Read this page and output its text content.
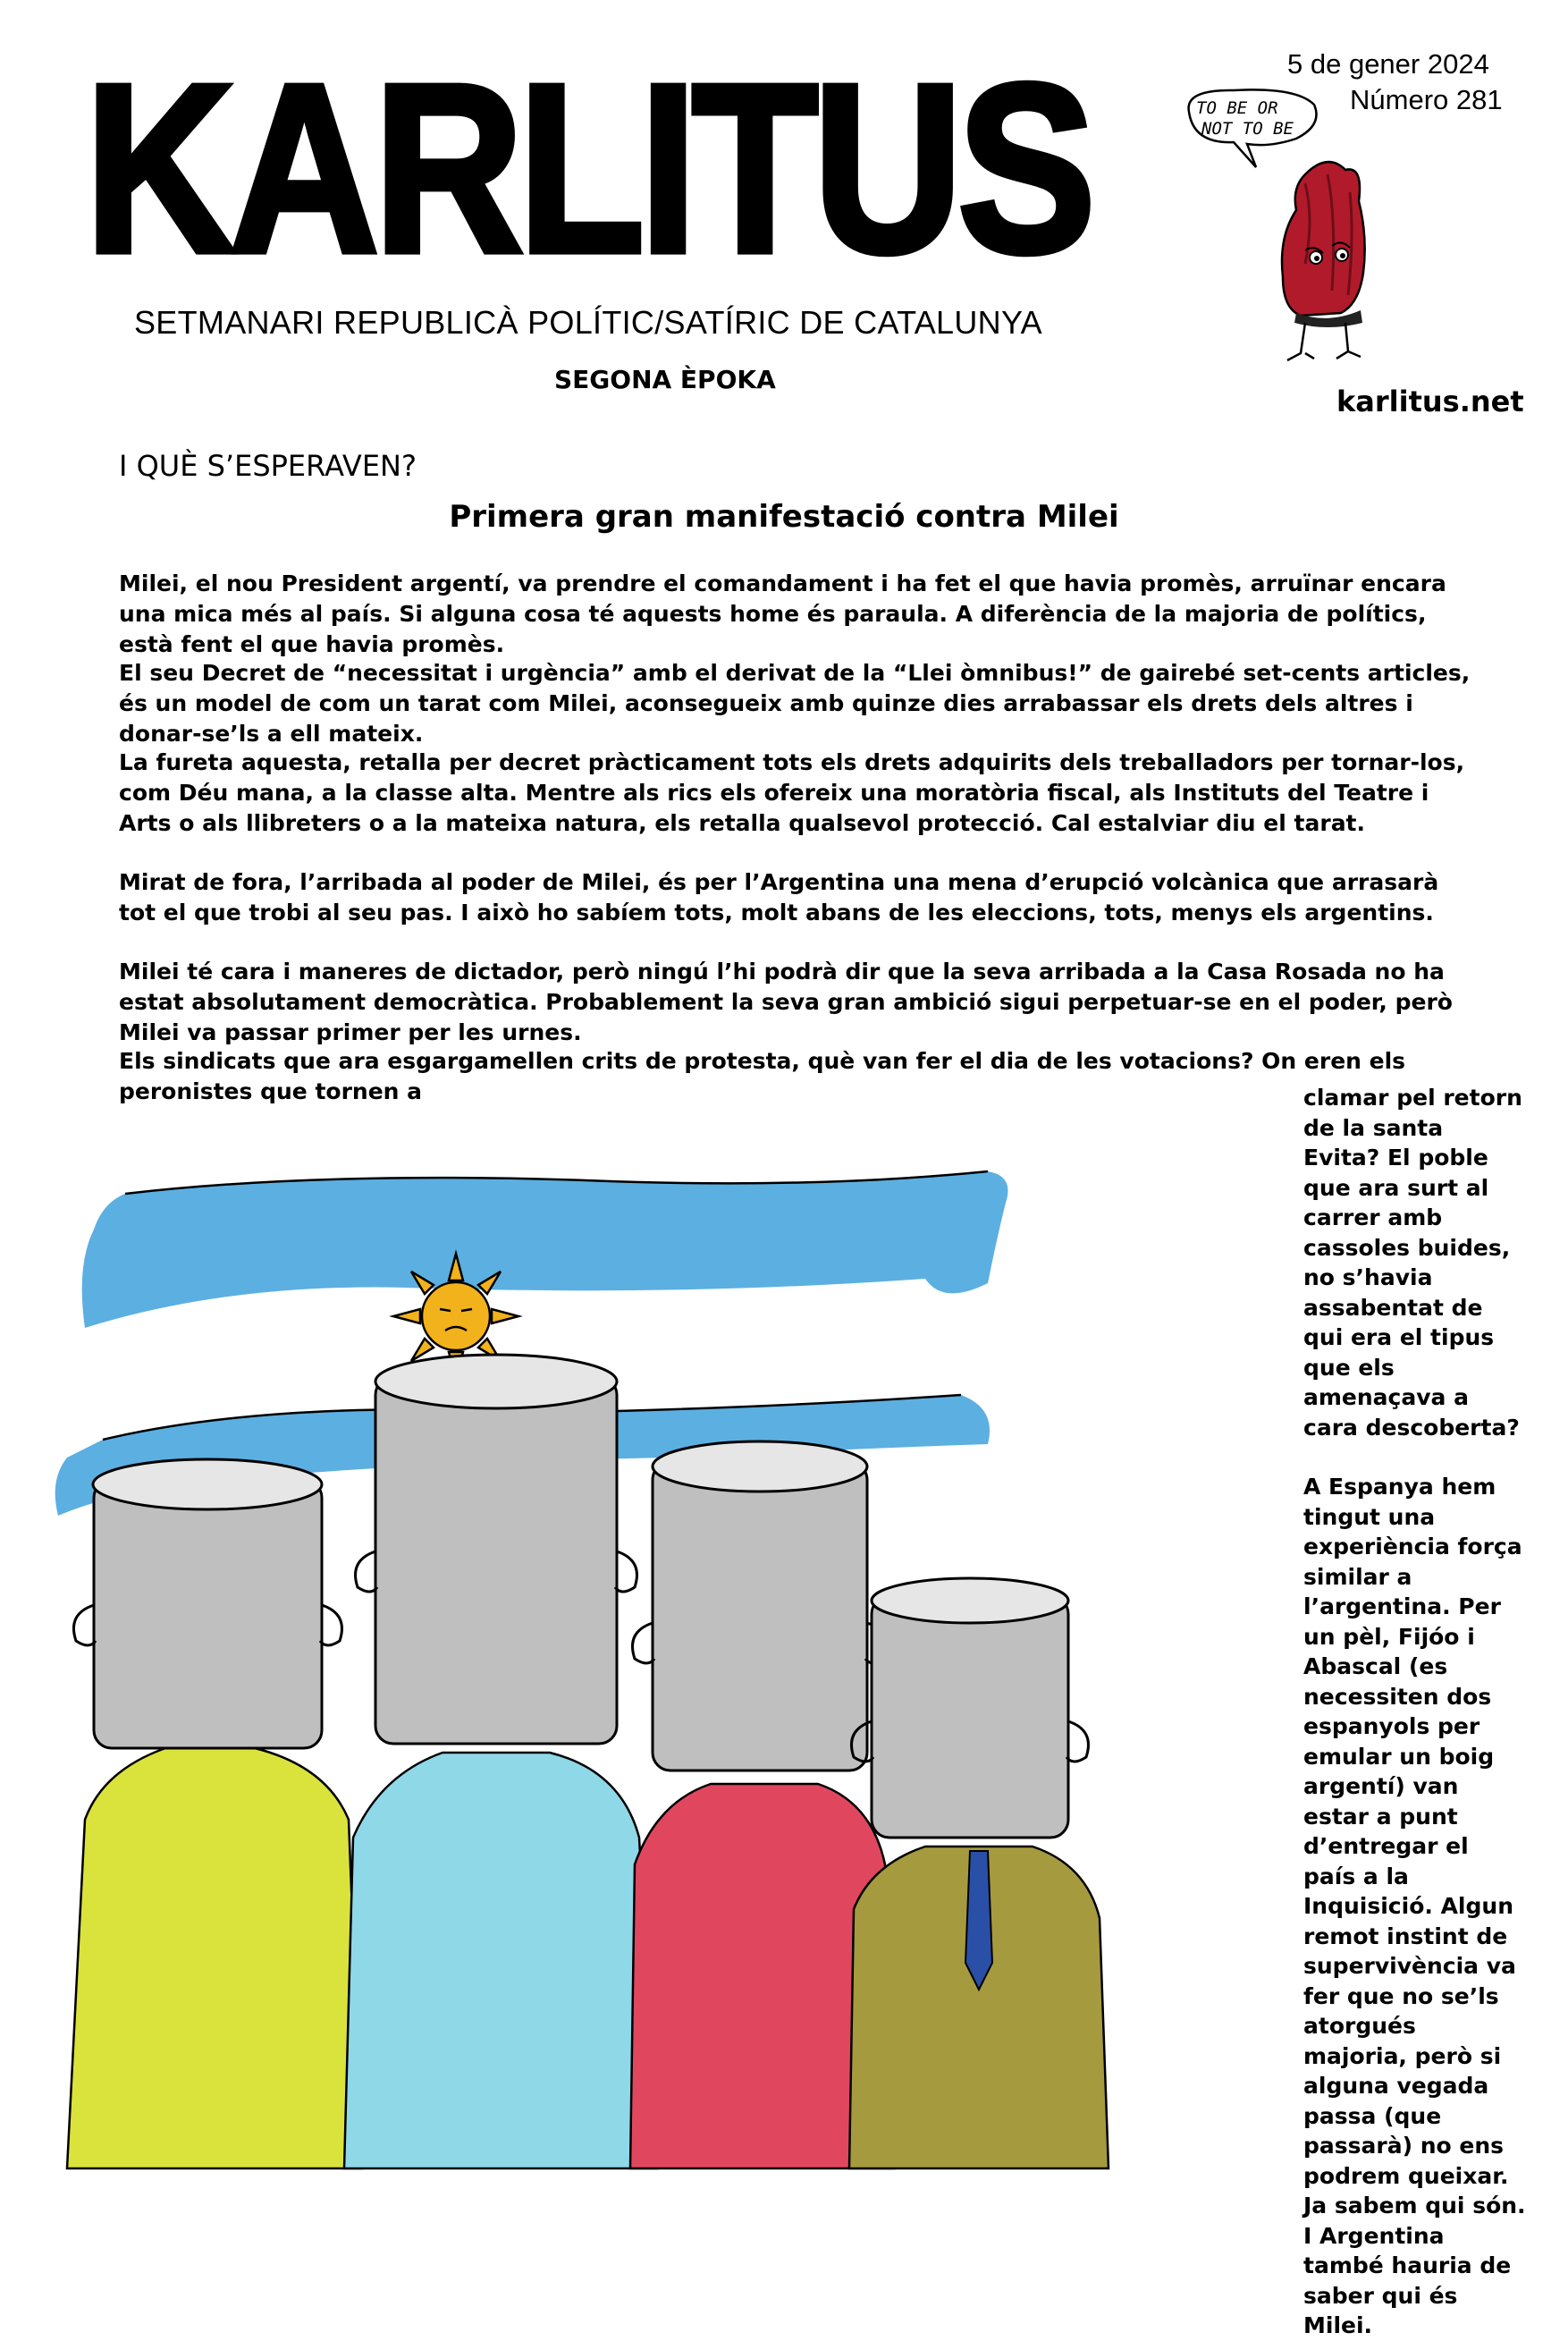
KARLITUS
SETMANARI REPUBLICÀ POLÍTIC/SATÍRIC DE CATALUNYA
SEGONA ÈPOKA
5 de gener 2024
Número 281
karlitus.net
TO BE OR
NOT TO BE
I QUÈ S’ESPERAVEN?
Primera gran manifestació contra Milei

Milei, el nou President argentí, va prendre el comandament i ha fet el que havia promès, arruïnar encara una mica més al país. Si alguna cosa té aquests home és paraula. A diferència de la majoria de polítics, està fent el que havia promès.

El seu Decret de “necessitat i urgència” amb el derivat de la “Llei òmnibus!” de gairebé set-cents articles, és un model de com un tarat com Milei, aconsegueix amb quinze dies arrabassar els drets dels altres i donar-se’ls a ell mateix.

La fureta aquesta, retalla per decret pràcticament tots els drets adquirits dels treballadors per tornar-los, com Déu mana, a la classe alta. Mentre als rics els ofereix una moratòria fiscal, als Instituts del Teatre i Arts o als llibreters o a la mateixa natura, els retalla qualsevol protecció. Cal estalviar diu el tarat.

Mirat de fora, l’arribada al poder de Milei, és per l’Argentina una mena d’erupció volcànica que arrasarà tot el que trobi al seu pas. I això ho sabíem tots, molt abans de les eleccions, tots, menys els argentins.

Milei té cara i maneres de dictador, però ningú l’hi podrà dir que la seva arribada a la Casa Rosada no ha estat absolutament democràtica. Probablement la seva gran ambició sigui perpetuar-se en el poder, però Milei va passar primer per les urnes.

Els sindicats que ara esgargamellen crits de protesta, què van fer el dia de les votacions? On eren els peronistes que tornen a	clamar pel retorn de la santa Evita? El poble que ara surt al carrer amb cassoles buides, no s’havia assabentat de qui era el tipus que els amenaçava a cara descoberta?

A Espanya hem tingut una experiència força similar a l’argentina. Per un pèl, Fijóo i Abascal (es necessiten dos espanyols per emular un boig argentí) van estar a punt d’entregar el país a la Inquisició. Algun remot instint de supervivència va fer que no se’ls atorgués majoria, però si alguna vegada passa (que passarà) no ens podrem queixar. Ja sabem qui són. I Argentina també hauria de saber qui és Milei.
